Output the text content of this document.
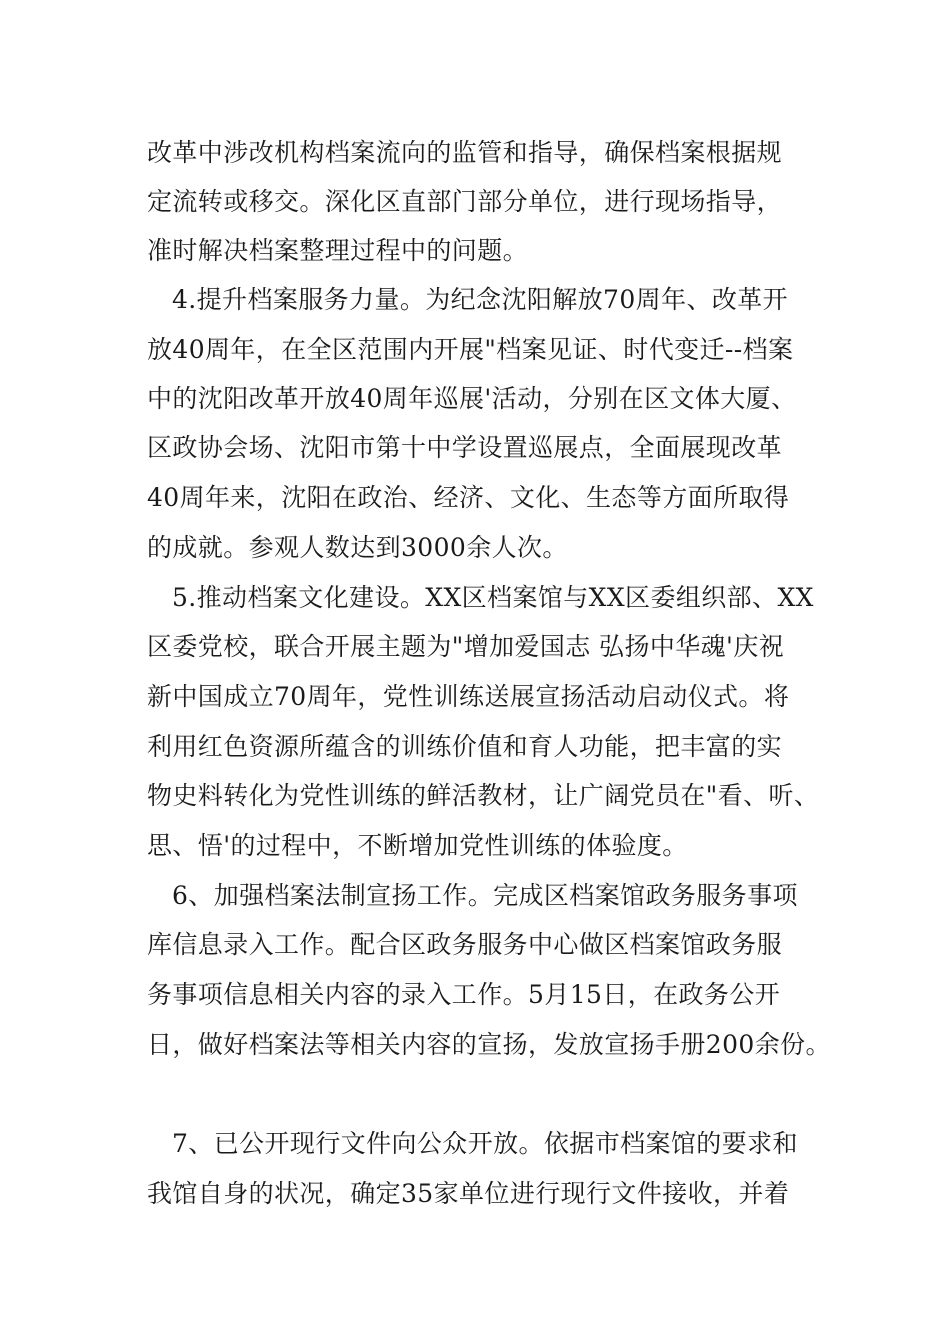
改革中涉改机构档案流向的监管和指导，确保档案根据规
定流转或移交。深化区直部门部分单位，进行现场指导，
准时解决档案整理过程中的问题。
4.提升档案服务力量。为纪念沈阳解放70周年、改革开
放40周年，在全区范围内开展"档案见证、时代变迁--档案
中的沈阳改革开放40周年巡展'活动，分别在区文体大厦、
区政协会场、沈阳市第十中学设置巡展点，全面展现改革
40周年来，沈阳在政治、经济、文化、生态等方面所取得
的成就。参观人数达到3000余人次。
5.推动档案文化建设。XX区档案馆与XX区委组织部、XX
区委党校，联合开展主题为"增加爱国志 弘扬中华魂'庆祝
新中国成立70周年，党性训练送展宣扬活动启动仪式。将
利用红色资源所蕴含的训练价值和育人功能，把丰富的实
物史料转化为党性训练的鲜活教材，让广阔党员在"看、听、
思、悟'的过程中，不断增加党性训练的体验度。
6、加强档案法制宣扬工作。完成区档案馆政务服务事项
库信息录入工作。配合区政务服务中心做区档案馆政务服
务事项信息相关内容的录入工作。5月15日，在政务公开
日，做好档案法等相关内容的宣扬，发放宣扬手册200余份。
7、已公开现行文件向公众开放。依据市档案馆的要求和
我馆自身的状况，确定35家单位进行现行文件接收，并着
